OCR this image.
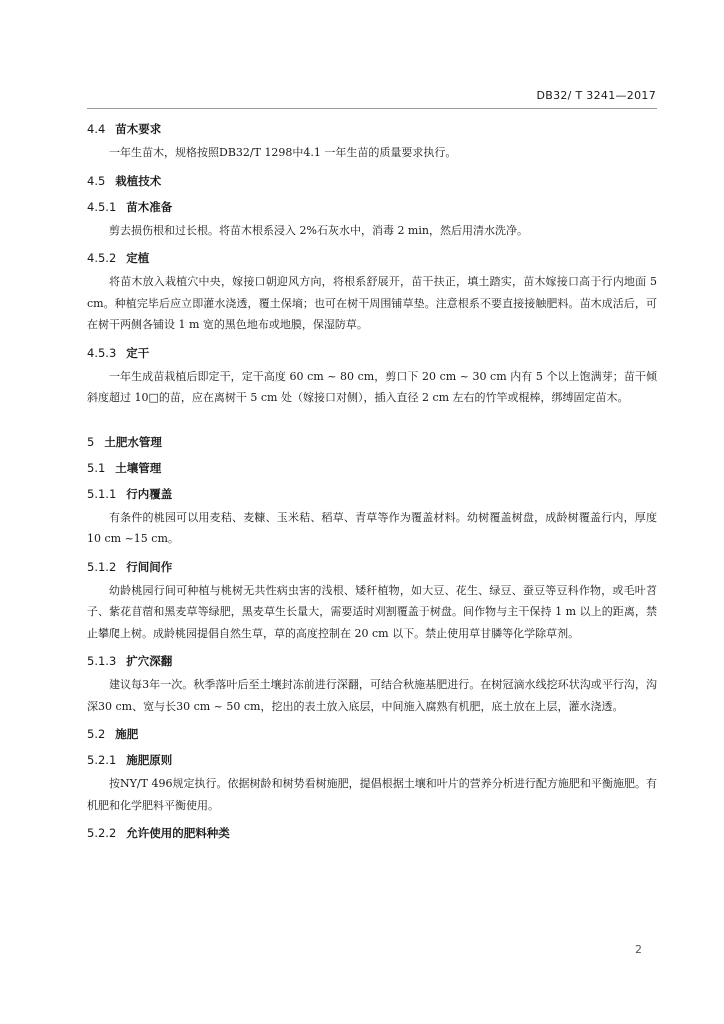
DB32/ T 3241—2017
4.4 苗木要求
一年生苗木，规格按照DB32/T 1298中4.1 一年生苗的质量要求执行。
4.5 栽植技术
4.5.1 苗木准备
剪去损伤根和过长根。将苗木根系浸入 2%石灰水中，消毒 2 min，然后用清水洗净。
4.5.2 定植
将苗木放入栽植穴中央，嫁接口朝迎风方向，将根系舒展开，苗干扶正，填土踏实，苗木嫁接口高于行内地面 5 cm。种植完毕后应立即灌水浇透，覆土保墒；也可在树干周围铺草垫。注意根系不要直接接触肥料。苗木成活后，可在树干两侧各铺设 1 m 宽的黑色地布或地膜，保湿防草。
4.5.3 定干
一年生成苗栽植后即定干，定干高度 60 cm ~ 80 cm，剪口下 20 cm ~ 30 cm 内有 5 个以上饱满芽；苗干倾斜度超过 10□的苗，应在离树干 5 cm 处（嫁接口对侧），插入直径 2 cm 左右的竹竿或棍棒，绑缚固定苗木。
5 土肥水管理
5.1 土壤管理
5.1.1 行内覆盖
有条件的桃园可以用麦秸、麦糠、玉米秸、稻草、青草等作为覆盖材料。幼树覆盖树盘，成龄树覆盖行内，厚度10 cm ~15 cm。
5.1.2 行间间作
幼龄桃园行间可种植与桃树无共性病虫害的浅根、矮秆植物，如大豆、花生、绿豆、蚕豆等豆科作物，或毛叶苕子、紫花苜蓿和黑麦草等绿肥，黑麦草生长量大，需要适时刈割覆盖于树盘。间作物与主干保持 1 m 以上的距离，禁止攀爬上树。成龄桃园提倡自然生草，草的高度控制在 20 cm 以下。禁止使用草甘膦等化学除草剂。
5.1.3 扩穴深翻
建议每3年一次。秋季落叶后至土壤封冻前进行深翻，可结合秋施基肥进行。在树冠滴水线挖环状沟或平行沟，沟深30 cm、宽与长30 cm ~ 50 cm，挖出的表土放入底层，中间施入腐熟有机肥，底土放在上层，灌水浇透。
5.2 施肥
5.2.1 施肥原则
按NY/T 496规定执行。依据树龄和树势看树施肥，提倡根据土壤和叶片的营养分析进行配方施肥和平衡施肥。有机肥和化学肥料平衡使用。
5.2.2 允许使用的肥料种类
2
